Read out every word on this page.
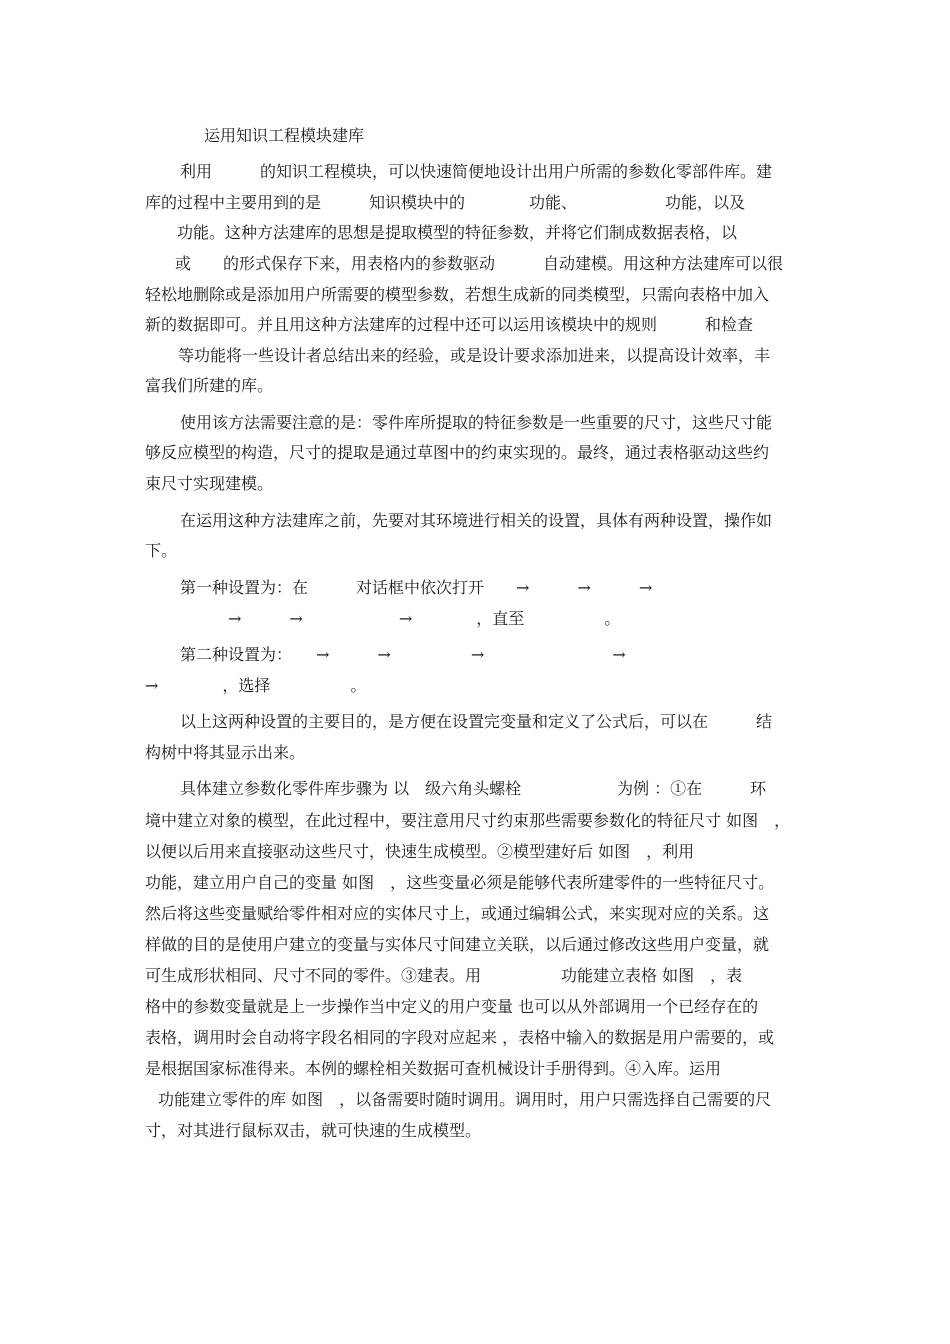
运用知识工程模块建库

利用　　　的知识工程模块，可以快速简便地设计出用户所需的参数化零部件库。建

库的过程中主要用到的是　　　知识模块中的　　　　功能、　　　　　　功能，以及

　　功能。这种方法建库的思想是提取模型的特征参数，并将它们制成数据表格，以

或　　的形式保存下来，用表格内的参数驱动　　　自动建模。用这种方法建库可以很

轻松地删除或是添加用户所需要的模型参数，若想生成新的同类模型，只需向表格中加入

新的数据即可。并且用这种方法建库的过程中还可以运用该模块中的规则　　　和检查

等功能将一些设计者总结出来的经验，或是设计要求添加进来，以提高设计效率，丰

富我们所建的库。

使用该方法需要注意的是：零件库所提取的特征参数是一些重要的尺寸，这些尺寸能

够反应模型的构造，尺寸的提取是通过草图中的约束实现的。最终，通过表格驱动这些约

束尺寸实现建模。

在运用这种方法建库之前，先要对其环境进行相关的设置，具体有两种设置，操作如

下。

第一种设置为：在　　　对话框中依次打开　　→　　　→　　　→

　　　→　　　→　　　　　　→　　　　，直至　　　　　。

第二种设置为：　　→　　　→　　　　　→　　　　　　　　→

→　　　　，选择　　　　　。

以上这两种设置的主要目的，是方便在设置完变量和定义了公式后，可以在　　　结

构树中将其显示出来。

具体建立参数化零件库步骤为 以　级六角头螺栓　　　　　　为例 ：①在　　　环

境中建立对象的模型，在此过程中，要注意用尺寸约束那些需要参数化的特征尺寸 如图　，

以便以后用来直接驱动这些尺寸，快速生成模型。②模型建好后 如图　，利用

功能，建立用户自己的变量 如图　，这些变量必须是能够代表所建零件的一些特征尺寸。

然后将这些变量赋给零件相对应的实体尺寸上，或通过编辑公式，来实现对应的关系。这

样做的目的是使用户建立的变量与实体尺寸间建立关联，以后通过修改这些用户变量，就

可生成形状相同、尺寸不同的零件。③建表。用　　　　　功能建立表格 如图　，表

格中的参数变量就是上一步操作当中定义的用户变量 也可以从外部调用一个已经存在的

表格，调用时会自动将字段名相同的字段对应起来 ，表格中输入的数据是用户需要的，或

是根据国家标准得来。本例的螺栓相关数据可查机械设计手册得到。④入库。运用

功能建立零件的库 如图　，以备需要时随时调用。调用时，用户只需选择自己需要的尺

寸，对其进行鼠标双击，就可快速的生成模型。
